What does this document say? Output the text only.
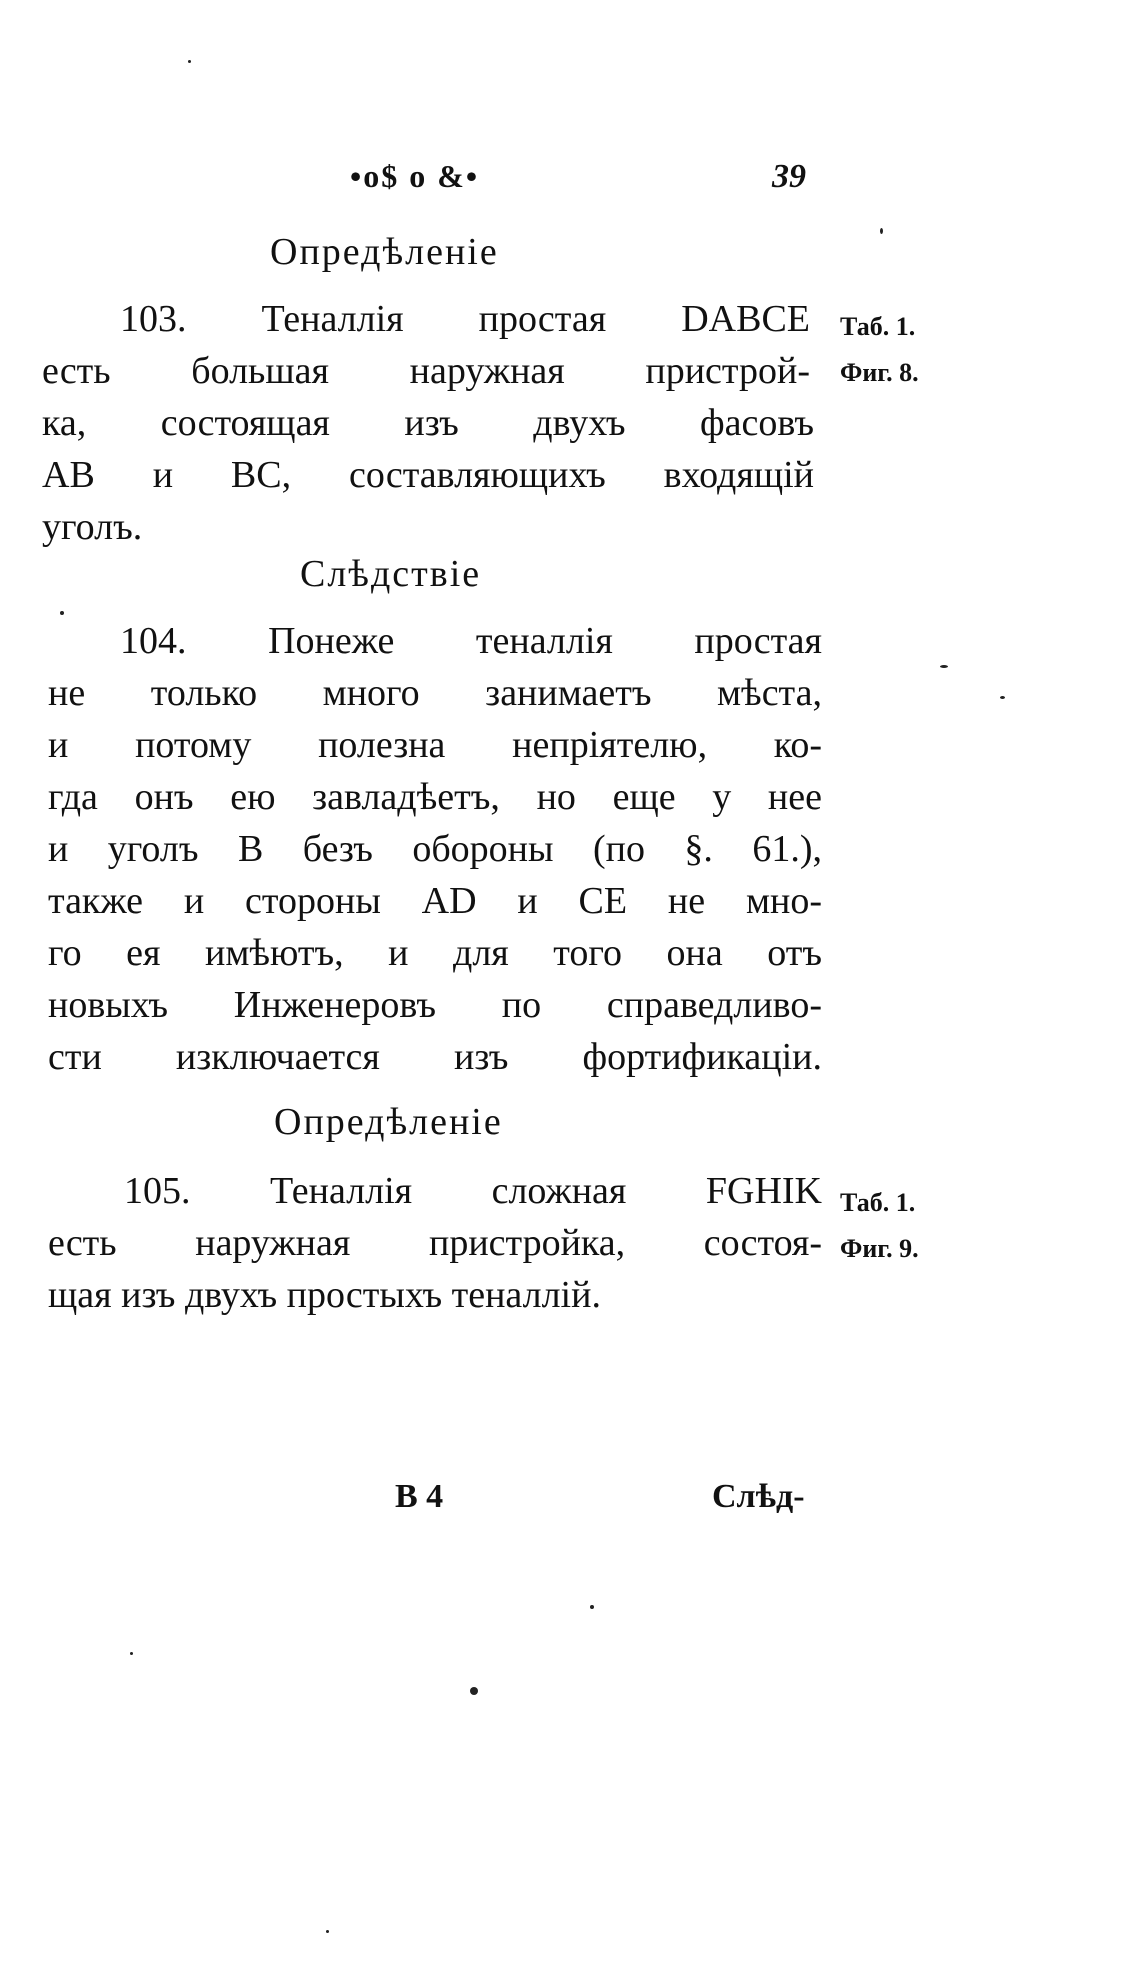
•о$ о &•	39
Опредѣленіе
103. Теналлія простая DABCE
есть большая наружная пристрой-
ка, состоящая изъ двухъ фасовъ
AB и BC, составляющихъ входящій
уголъ.
Таб. 1.
Фиг. 8.
Слѣдствіе
104. Понеже теналлія простая
не только много занимаетъ мѣста,
и потому полезна непріятелю, ко-
гда онъ ею завладѣетъ, но еще у нее
и уголъ B безъ обороны (по §. 61.),
также и стороны AD и CE не мно-
го ея имѣютъ, и для того она отъ
новыхъ Инженеровъ по справедливо-
сти изключается изъ фортификаціи.
Опредѣленіе
105. Теналлія сложная FGHIK
есть наружная пристройка, состоя-
щая изъ двухъ простыхъ теналлій.
Таб. 1.
Фиг. 9.
B 4	Слѣд-
